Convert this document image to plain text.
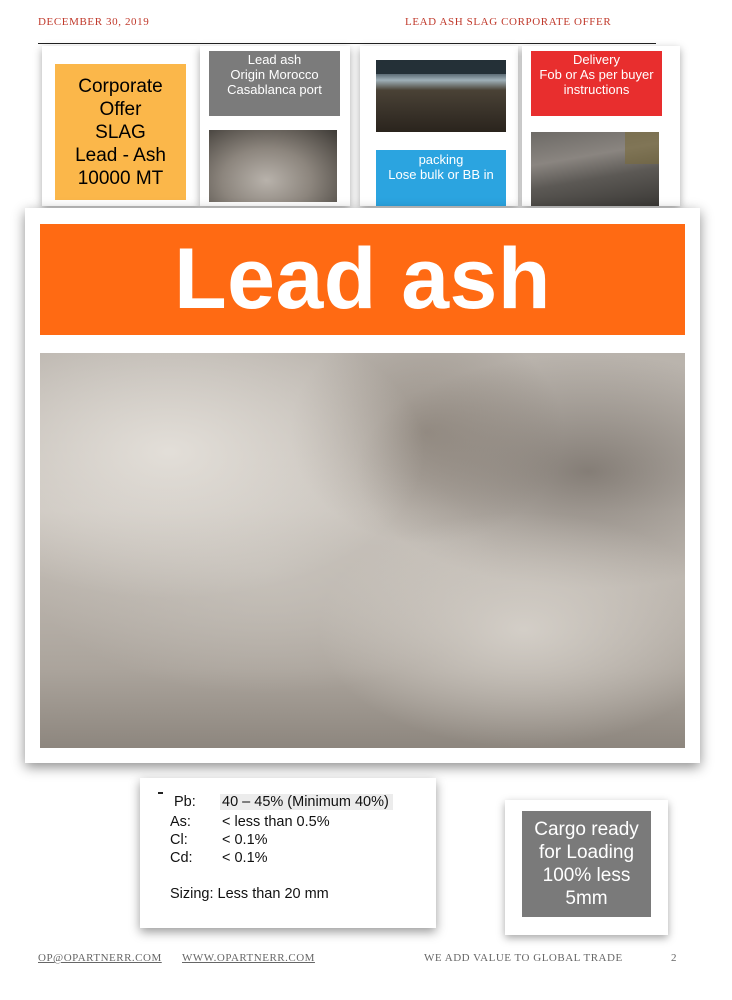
DECEMBER 30, 2019	LEAD ASH SLAG CORPORATE OFFER
Corporate
Offer
SLAG
Lead - Ash
10000 MT
Lead ash
Origin Morocco
Casablanca port
packing
Lose bulk or BB in
Delivery
Fob or As per buyer
instructions
Lead ash
Pb:	40 – 45% (Minimum 40%)
As:	< less than 0.5%
Cl:	< 0.1%
Cd:	< 0.1%
Sizing: Less than 20 mm
Cargo ready
for Loading
100% less
5mm
OP@OPARTNERR.COM WWW.OPARTNERR.COM	WE ADD VALUE TO GLOBAL TRADE	2
